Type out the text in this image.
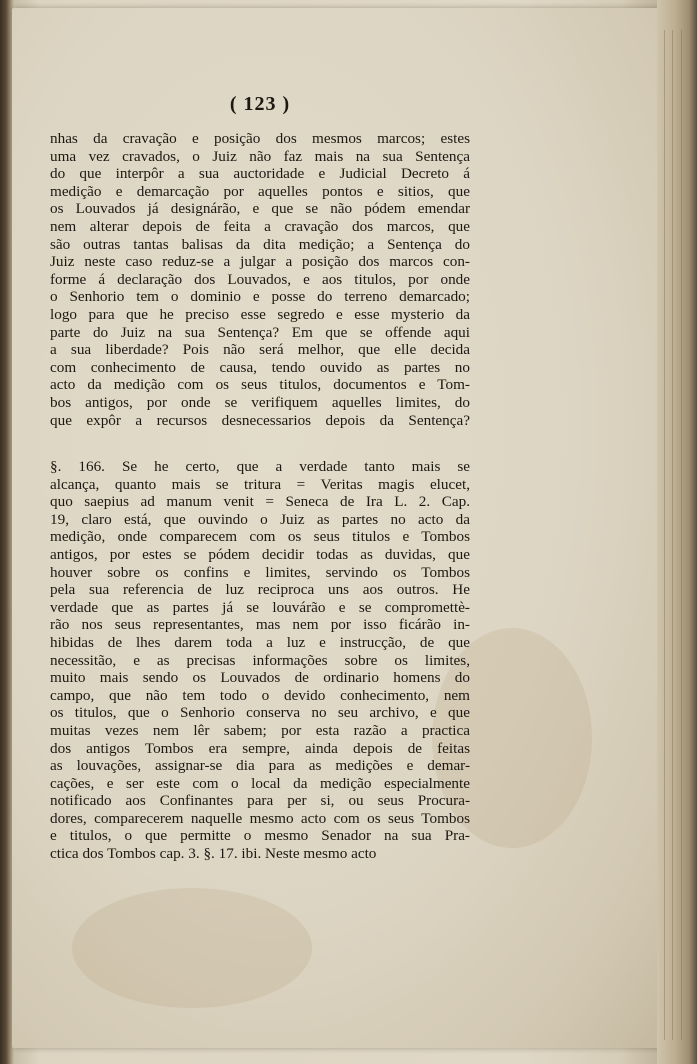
( 123 )
nhas da cravação e posição dos mesmos marcos; estes
uma vez cravados, o Juiz não faz mais na sua Sentença
do que interpôr a sua auctoridade e Judicial Decreto á
medição e demarcação por aquelles pontos e sitios, que
os Louvados já designárão, e que se não pódem emendar
nem alterar depois de feita a cravação dos marcos, que
são outras tantas balisas da dita medição; a Sentença do
Juiz neste caso reduz-se a julgar a posição dos marcos con-
forme á declaração dos Louvados, e aos titulos, por onde
o Senhorio tem o dominio e posse do terreno demarcado;
logo para que he preciso esse segredo e esse mysterio da
parte do Juiz na sua Sentença? Em que se offende aqui
a sua liberdade? Pois não será melhor, que elle decida
com conhecimento de causa, tendo ouvido as partes no
acto da medição com os seus titulos, documentos e Tom-
bos antigos, por onde se verifiquem aquelles limites, do
que expôr a recursos desnecessarios depois da Sentença?
§. 166. Se he certo, que a verdade tanto mais se
alcança, quanto mais se tritura = Veritas magis elucet,
quo saepius ad manum venit = Seneca de Ira L. 2. Cap.
19, claro está, que ouvindo o Juiz as partes no acto da
medição, onde comparecem com os seus titulos e Tombos
antigos, por estes se pódem decidir todas as duvidas, que
houver sobre os confins e limites, servindo os Tombos
pela sua referencia de luz reciproca uns aos outros. He
verdade que as partes já se louvárão e se compromettè-
rão nos seus representantes, mas nem por isso ficárão in-
hibidas de lhes darem toda a luz e instrucção, de que
necessitão, e as precisas informações sobre os limites,
muito mais sendo os Louvados de ordinario homens do
campo, que não tem todo o devido conhecimento, nem
os titulos, que o Senhorio conserva no seu archivo, e que
muitas vezes nem lêr sabem; por esta razão a practica
dos antigos Tombos era sempre, ainda depois de feitas
as louvações, assignar-se dia para as medições e demar-
cações, e ser este com o local da medição especialmente
notificado aos Confinantes para per si, ou seus Procura-
dores, comparecerem naquelle mesmo acto com os seus Tombos
e titulos, o que permitte o mesmo Senador na sua Pra-
ctica dos Tombos cap. 3. §. 17. ibi. Neste mesmo acto
